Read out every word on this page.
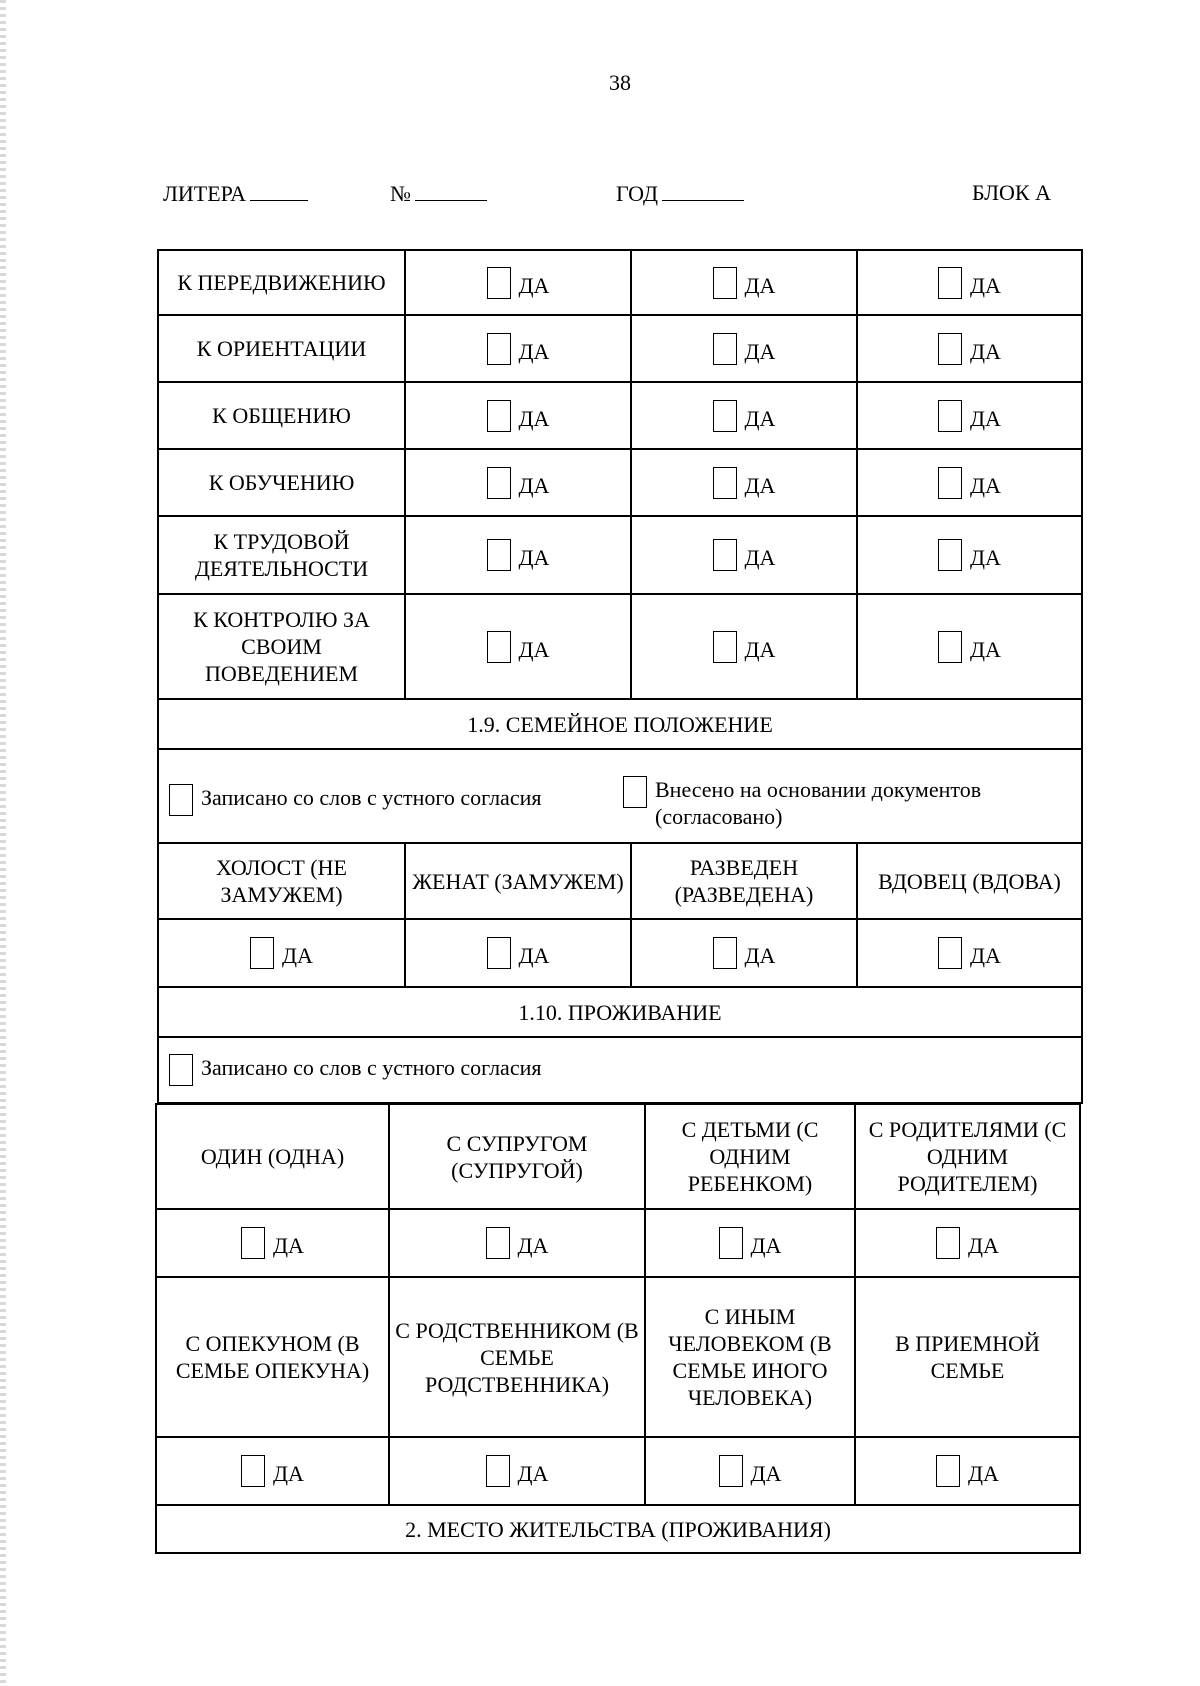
38
ЛИТЕРА	№	ГОД	БЛОК А
К ПЕРЕДВИЖЕНИЮ	ДА	ДА	ДА
К ОРИЕНТАЦИИ	ДА	ДА	ДА
К ОБЩЕНИЮ	ДА	ДА	ДА
К ОБУЧЕНИЮ	ДА	ДА	ДА
К ТРУДОВОЙ ДЕЯТЕЛЬНОСТИ	ДА	ДА	ДА
К КОНТРОЛЮ ЗА СВОИМ ПОВЕДЕНИЕМ	ДА	ДА	ДА
1.9. СЕМЕЙНОЕ ПОЛОЖЕНИЕ			

Записано со слов с устного согласия Внесено на основании документов (согласовано)			

ХОЛОСТ (НЕ ЗАМУЖЕМ)	ЖЕНАТ (ЗАМУЖЕМ)	РАЗВЕДЕН (РАЗВЕДЕНА)	ВДОВЕЦ (ВДОВА)
ДА	ДА	ДА	ДА
1.10. ПРОЖИВАНИЕ			

Записано со слов с устного согласия			
ОДИН (ОДНА)	С СУПРУГОМ (СУПРУГОЙ)	С ДЕТЬМИ (С ОДНИМ РЕБЕНКОМ)	С РОДИТЕЛЯМИ (С ОДНИМ РОДИТЕЛЕМ)
ДА	ДА	ДА	ДА
С ОПЕКУНОМ (В СЕМЬЕ ОПЕКУНА)	С РОДСТВЕННИКОМ (В СЕМЬЕ РОДСТВЕННИКА)	С ИНЫМ ЧЕЛОВЕКОМ (В СЕМЬЕ ИНОГО ЧЕЛОВЕКА)	В ПРИЕМНОЙ СЕМЬЕ
ДА	ДА	ДА	ДА
2. МЕСТО ЖИТЕЛЬСТВА (ПРОЖИВАНИЯ)			
